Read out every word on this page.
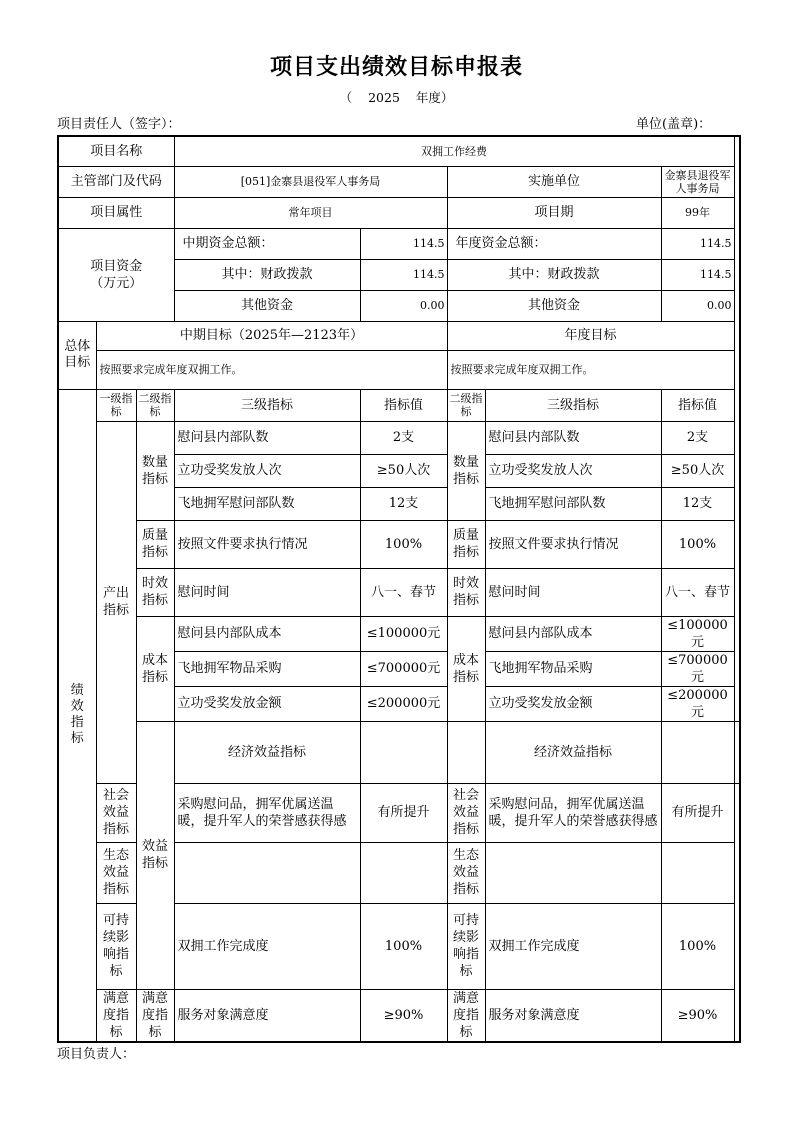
项目支出绩效目标申报表
（ 2025 年度）
项目责任人（签字）：	单位(盖章)：
项目名称			双拥工作经费					
主管部门及代码			[051]金寨县退役军人事务局		实施单位		金寨县退役军人事务局	
项目属性			常年项目		项目期		99年	

项目资金
（万元）			中期资金总额：	114.5	年度资金总额：		114.5	
			其中：财政拨款	114.5	其中：财政拨款		114.5	
			其他资金	0.00	其他资金		0.00	
总体目标	中期目标（2025年—2123年）				年度目标			
	按照要求完成年度双拥工作。				按照要求完成年度双拥工作。			
绩效指标	一级指标	二级指标	三级指标	指标值	二级指标	三级指标	指标值	
	产出指标	数量指标	慰问县内部队数	2支	数量指标	慰问县内部队数	2支	
			立功受奖发放人次	≥50人次		立功受奖发放人次	≥50人次	
			飞地拥军慰问部队数	12支		飞地拥军慰问部队数	12支	
		质量指标	按照文件要求执行情况	100%	质量指标	按照文件要求执行情况	100%	
		时效指标	慰问时间	八一、春节	时效指标	慰问时间	八一、春节	
		成本指标	慰问县内部队成本	≤100000元	成本指标	慰问县内部队成本	≤100000元	
			飞地拥军物品采购	≤700000元		飞地拥军物品采购	≤700000元	
			立功受奖发放金额	≤200000元		立功受奖发放金额	≤200000元	
		效益指标	经济效益指标			经济效益指标		
	社会效益指标		采购慰问品，拥军优属送温暖，提升军人的荣誉感获得感	有所提升	社会效益指标	采购慰问品，拥军优属送温暖，提升军人的荣誉感获得感	有所提升	
	生态效益指标				生态效益指标			
	可持续影响指标		双拥工作完成度	100%	可持续影响指标	双拥工作完成度	100%	
	满意度指标	满意度指标	服务对象满意度	≥90%	满意度指标	服务对象满意度	≥90%	
项目负责人：
